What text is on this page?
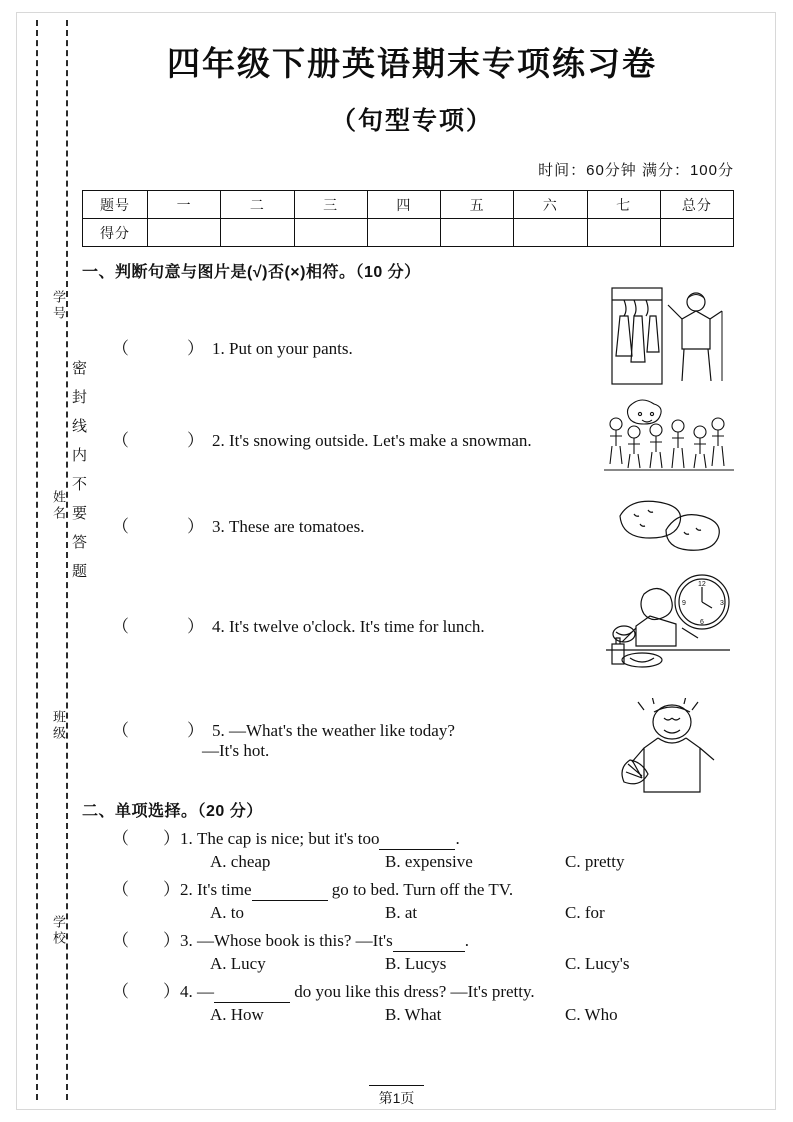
学号
姓名
班级
学校
密封线内不要答题
四年级下册英语期末专项练习卷
（句型专项）
时间：60分钟 满分：100分
题号	一	二	三	四	五	六	七	总分
得分								
一、判断句意与图片是(√)否(×)相符。（10 分）
（　　）1. Put on your pants.
（　　）2. It's snowing outside. Let's make a snowman.
（　　）3. These are tomatoes.
（　　）4. It's twelve o'clock. It's time for lunch.
（　　）5. —What's the weather like today?
—It's hot.
12
3
6
9
二、单项选择。（20 分）
（　　）1. The cap is nice; but it's too	.
A. cheap	B. expensive	C. pretty
（　　）2. It's time	go to bed. Turn off the TV.
A. to	B. at	C. for
（　　）3. —Whose book is this? —It's	.
A. Lucy	B. Lucys	C. Lucy's
（　　）4. —	do you like this dress? —It's pretty.
A. How	B. What	C. Who
第1页
